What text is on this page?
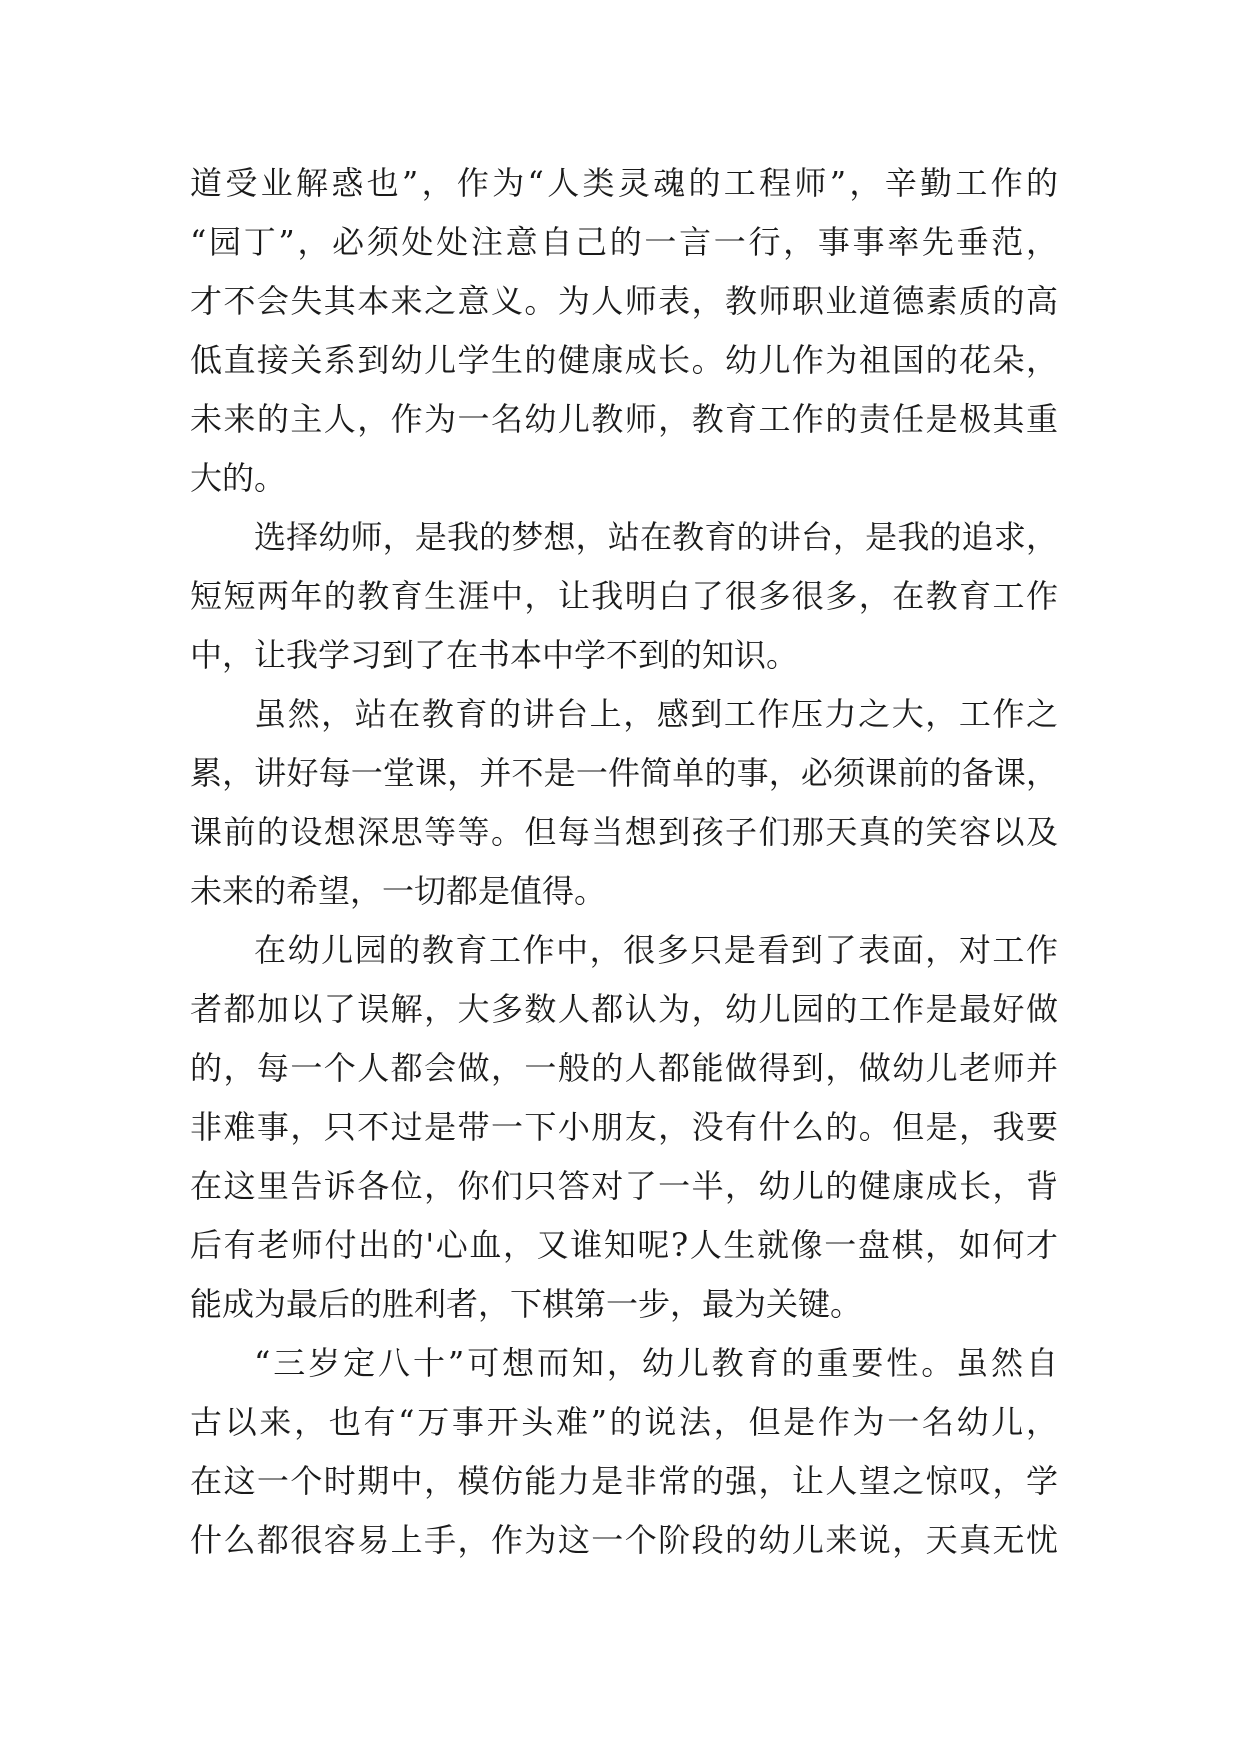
道受业解惑也”，作为“人类灵魂的工程师”，辛勤工作的
“园丁”，必须处处注意自己的一言一行，事事率先垂范，
才不会失其本来之意义。为人师表，教师职业道德素质的高
低直接关系到幼儿学生的健康成长。幼儿作为祖国的花朵，
未来的主人，作为一名幼儿教师，教育工作的责任是极其重
大的。
选择幼师，是我的梦想，站在教育的讲台，是我的追求，
短短两年的教育生涯中，让我明白了很多很多，在教育工作
中，让我学习到了在书本中学不到的知识。
虽然，站在教育的讲台上，感到工作压力之大，工作之
累，讲好每一堂课，并不是一件简单的事，必须课前的备课，
课前的设想深思等等。但每当想到孩子们那天真的笑容以及
未来的希望，一切都是值得。
在幼儿园的教育工作中，很多只是看到了表面，对工作
者都加以了误解，大多数人都认为，幼儿园的工作是最好做
的，每一个人都会做，一般的人都能做得到，做幼儿老师并
非难事，只不过是带一下小朋友，没有什么的。但是，我要
在这里告诉各位，你们只答对了一半，幼儿的健康成长，背
后有老师付出的'心血，又谁知呢?人生就像一盘棋，如何才
能成为最后的胜利者，下棋第一步，最为关键。
“三岁定八十”可想而知，幼儿教育的重要性。虽然自
古以来，也有“万事开头难”的说法，但是作为一名幼儿，
在这一个时期中，模仿能力是非常的强，让人望之惊叹，学
什么都很容易上手，作为这一个阶段的幼儿来说，天真无忧
